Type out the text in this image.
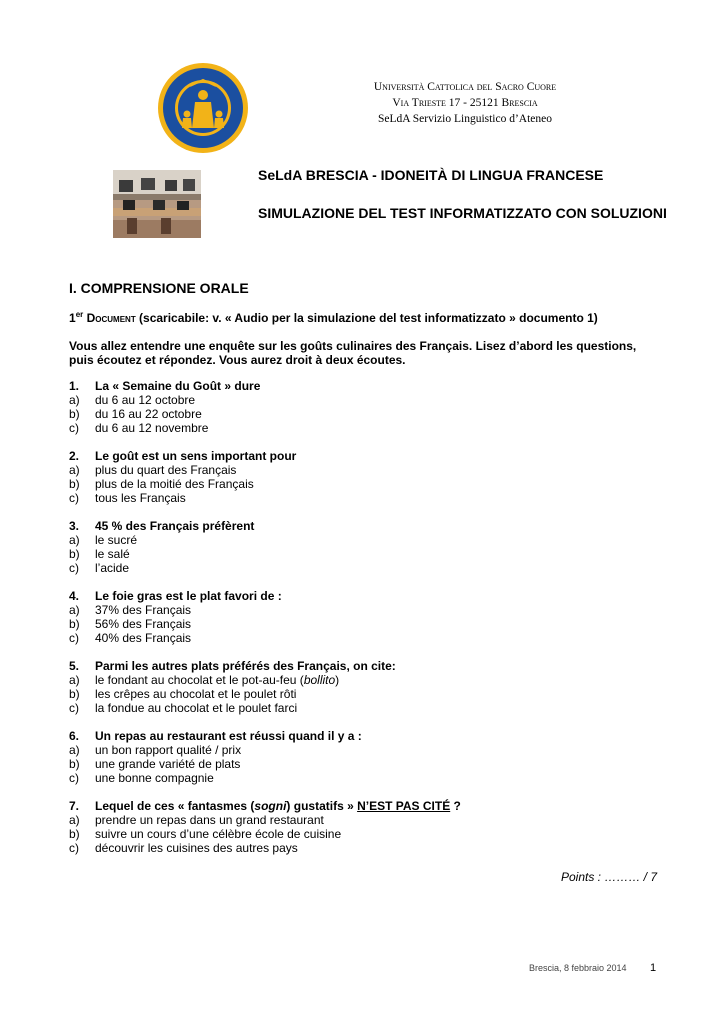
Università Cattolica del Sacro Cuore
Via Trieste 17 - 25121 Brescia
SeLdA Servizio Linguistico d’Ateneo
SeLdA BRESCIA - IDONEITÀ DI LINGUA FRANCESE
SIMULAZIONE DEL TEST INFORMATIZZATO CON SOLUZIONI
I. COMPRENSIONE ORALE
1er Document (scaricabile: v. « Audio per la simulazione del test informatizzato » documento 1)
Vous allez entendre une enquête sur les goûts culinaires des Français. Lisez d’abord les questions, puis écoutez et répondez. Vous aurez droit à deux écoutes.
1. La « Semaine du Goût » dure
a) du 6 au 12 octobre
b) du 16 au 22 octobre
c) du 6 au 12 novembre
2. Le goût est un sens important pour
a) plus du quart des Français
b) plus de la moitié des Français
c) tous les Français
3. 45 % des Français préfèrent
a) le sucré
b) le salé
c) l’acide
4. Le foie gras est le plat favori de :
a) 37% des Français
b) 56% des Français
c) 40% des Français
5. Parmi les autres plats préférés des Français, on cite:
a) le fondant au chocolat et le pot-au-feu (bollito)
b) les crêpes au chocolat et le poulet rôti
c) la fondue au chocolat et le poulet farci
6. Un repas au restaurant est réussi quand il y a :
a) un bon rapport qualité / prix
b) une grande variété de plats
c) une bonne compagnie
7. Lequel de ces « fantasmes (sogni) gustatifs » N’EST PAS CITÉ ?
a) prendre un repas dans un grand restaurant
b) suivre un cours d’une célèbre école de cuisine
c) découvrir les cuisines des autres pays
Points : ……… / 7
Brescia, 8 febbraio 2014 1
